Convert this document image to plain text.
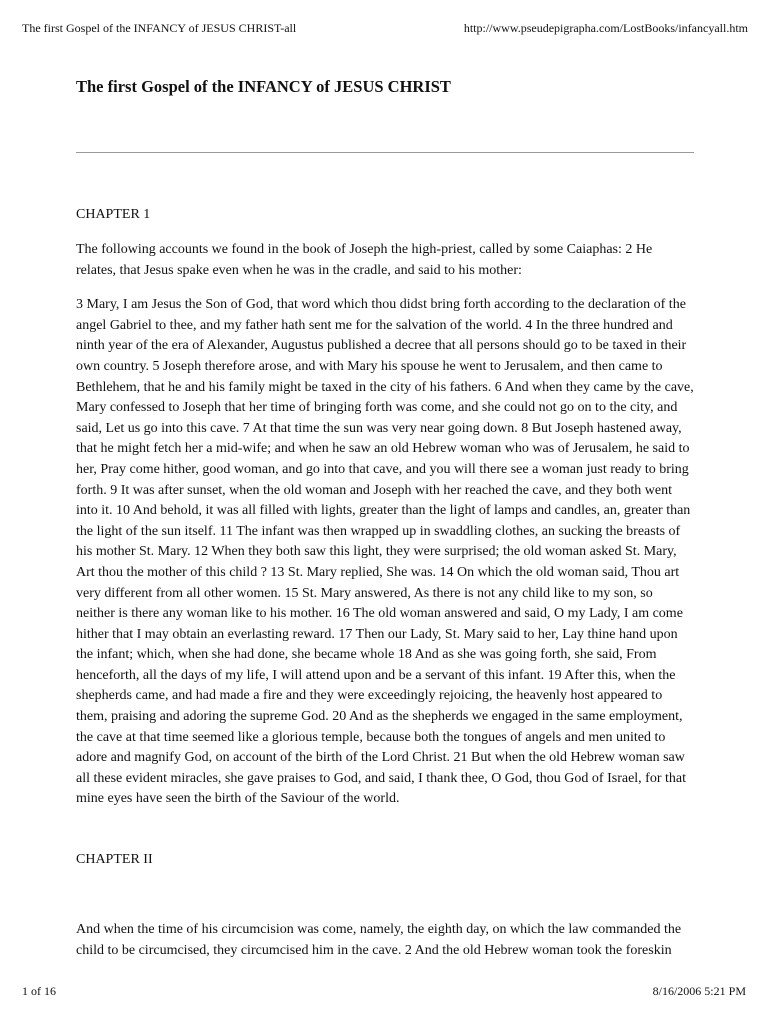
The first Gospel of the INFANCY of JESUS CHRIST-all	http://www.pseudepigrapha.com/LostBooks/infancyall.htm
The first Gospel of the INFANCY of JESUS CHRIST
CHAPTER 1

The following accounts we found in the book of Joseph the high-priest, called by some Caiaphas: 2 He relates, that Jesus spake even when he was in the cradle, and said to his mother:

3 Mary, I am Jesus the Son of God, that word which thou didst bring forth according to the declaration of the angel Gabriel to thee, and my father hath sent me for the salvation of the world. 4 In the three hundred and ninth year of the era of Alexander, Augustus published a decree that all persons should go to be taxed in their own country. 5 Joseph therefore arose, and with Mary his spouse he went to Jerusalem, and then came to Bethlehem, that he and his family might be taxed in the city of his fathers. 6 And when they came by the cave, Mary confessed to Joseph that her time of bringing forth was come, and she could not go on to the city, and said, Let us go into this cave. 7 At that time the sun was very near going down. 8 But Joseph hastened away, that he might fetch her a mid-wife; and when he saw an old Hebrew woman who was of Jerusalem, he said to her, Pray come hither, good woman, and go into that cave, and you will there see a woman just ready to bring forth. 9 It was after sunset, when the old woman and Joseph with her reached the cave, and they both went into it. 10 And behold, it was all filled with lights, greater than the light of lamps and candles, an, greater than the light of the sun itself. 11 The infant was then wrapped up in swaddling clothes, an sucking the breasts of his mother St. Mary. 12 When they both saw this light, they were surprised; the old woman asked St. Mary, Art thou the mother of this child ? 13 St. Mary replied, She was. 14 On which the old woman said, Thou art very different from all other women. 15 St. Mary answered, As there is not any child like to my son, so neither is there any woman like to his mother. 16 The old woman answered and said, O my Lady, I am come hither that I may obtain an everlasting reward. 17 Then our Lady, St. Mary said to her, Lay thine hand upon the infant; which, when she had done, she became whole 18 And as she was going forth, she said, From henceforth, all the days of my life, I will attend upon and be a servant of this infant. 19 After this, when the shepherds came, and had made a fire and they were exceedingly rejoicing, the heavenly host appeared to them, praising and adoring the supreme God. 20 And as the shepherds we engaged in the same employment, the cave at that time seemed like a glorious temple, because both the tongues of angels and men united to adore and magnify God, on account of the birth of the Lord Christ. 21 But when the old Hebrew woman saw all these evident miracles, she gave praises to God, and said, I thank thee, O God, thou God of Israel, for that mine eyes have seen the birth of the Saviour of the world.

CHAPTER II

And when the time of his circumcision was come, namely, the eighth day, on which the law commanded the child to be circumcised, they circumcised him in the cave. 2 And the old Hebrew woman took the foreskin

1 of 16	8/16/2006 5:21 PM
